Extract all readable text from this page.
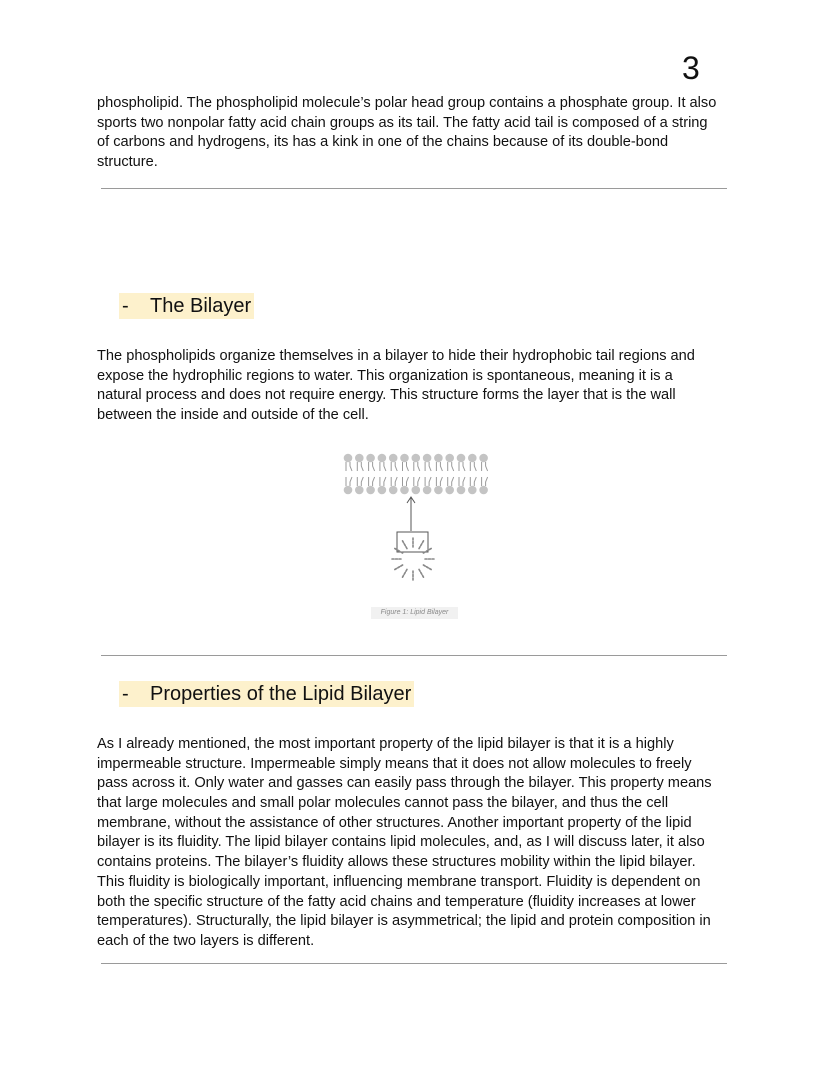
3
phospholipid. The phospholipid molecule’s polar head group contains a phosphate group. It also
sports two nonpolar fatty acid chain groups as its tail. The fatty acid tail is composed of a string
of carbons and hydrogens, its has a kink in one of the chains because of its double-bond
structure.
- The Bilayer
The phospholipids organize themselves in a bilayer to hide their hydrophobic tail regions and
expose the hydrophilic regions to water. This organization is spontaneous, meaning it is a
natural process and does not require energy. This structure forms the layer that is the wall
between the inside and outside of the cell.
Figure 1: Lipid Bilayer
- Properties of the Lipid Bilayer
As I already mentioned, the most important property of the lipid bilayer is that it is a highly
impermeable structure. Impermeable simply means that it does not allow molecules to freely
pass across it. Only water and gasses can easily pass through the bilayer. This property means
that large molecules and small polar molecules cannot pass the bilayer, and thus the cell
membrane, without the assistance of other structures. Another important property of the lipid
bilayer is its fluidity. The lipid bilayer contains lipid molecules, and, as I will discuss later, it also
contains proteins. The bilayer’s fluidity allows these structures mobility within the lipid bilayer.
This fluidity is biologically important, influencing membrane transport. Fluidity is dependent on
both the specific structure of the fatty acid chains and temperature (fluidity increases at lower
temperatures). Structurally, the lipid bilayer is asymmetrical; the lipid and protein composition in
each of the two layers is different.
